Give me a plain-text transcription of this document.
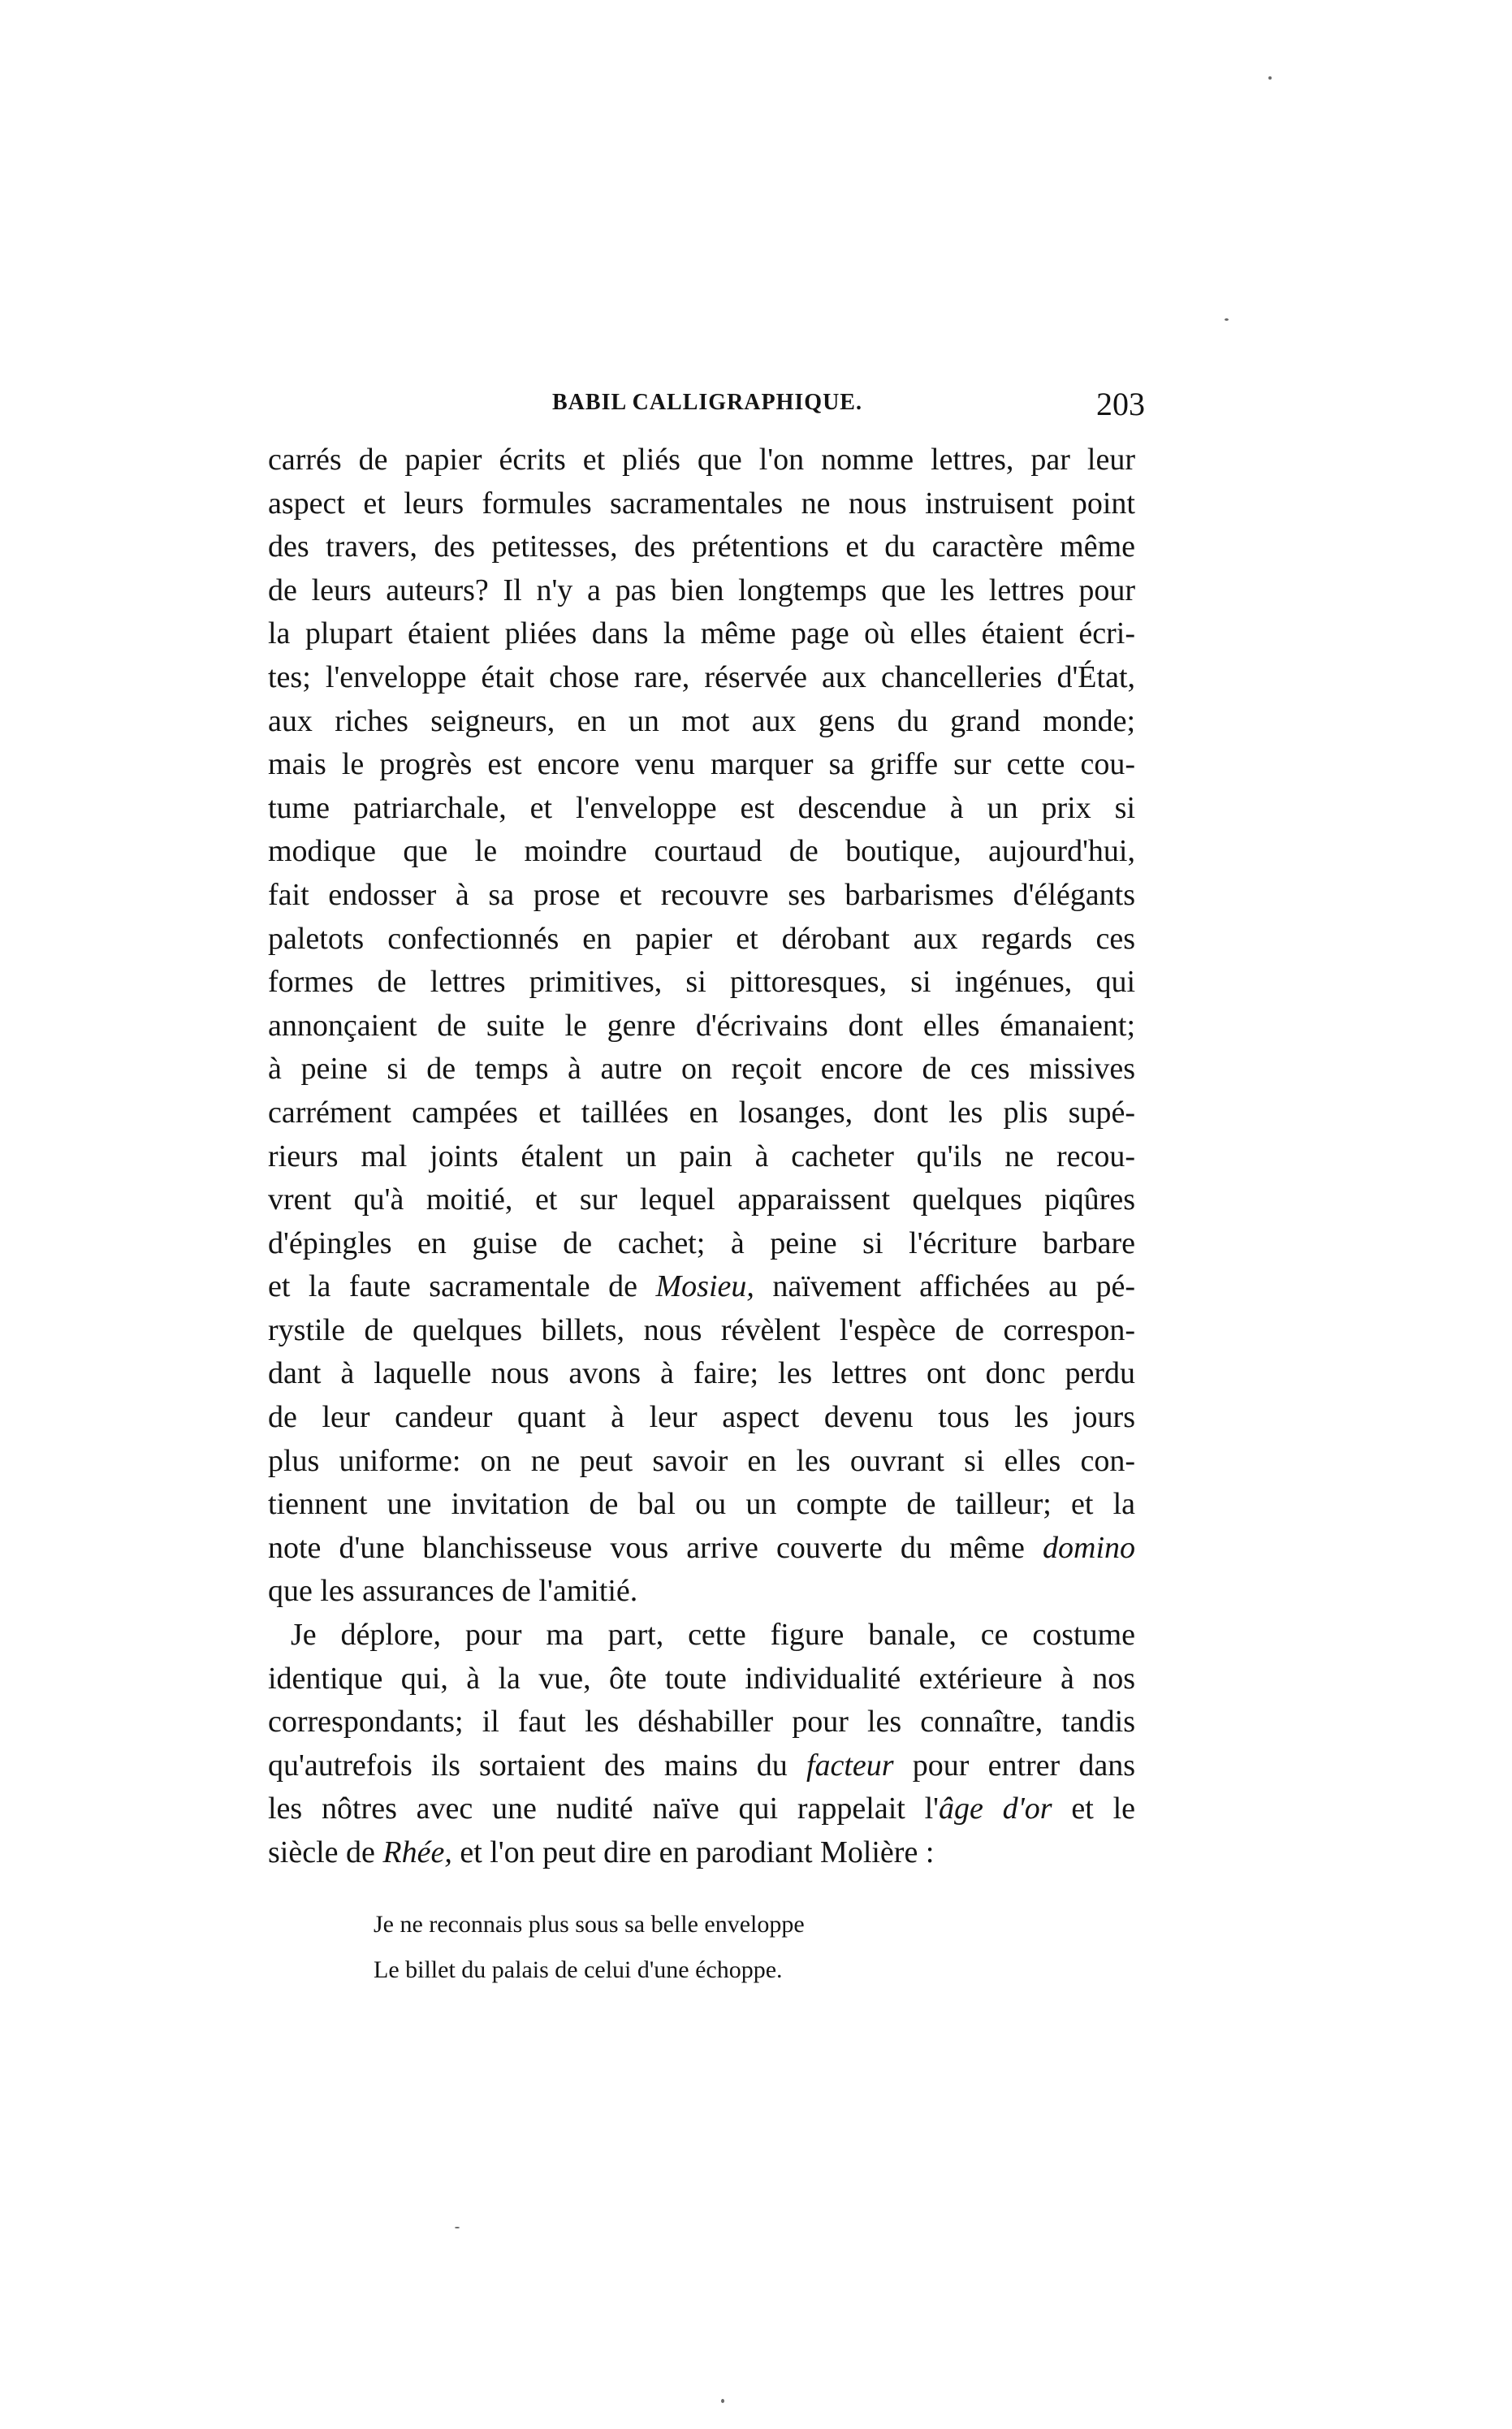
BABIL CALLIGRAPHIQUE.	203
carrés de papier écrits et pliés que l'on nomme lettres, par leur
aspect et leurs formules sacramentales ne nous instruisent point
des travers, des petitesses, des prétentions et du caractère même
de leurs auteurs? Il n'y a pas bien longtemps que les lettres pour
la plupart étaient pliées dans la même page où elles étaient écri-
tes; l'enveloppe était chose rare, réservée aux chancelleries d'État,
aux riches seigneurs, en un mot aux gens du grand monde;
mais le progrès est encore venu marquer sa griffe sur cette cou-
tume patriarchale, et l'enveloppe est descendue à un prix si
modique que le moindre courtaud de boutique, aujourd'hui,
fait endosser à sa prose et recouvre ses barbarismes d'élégants
paletots confectionnés en papier et dérobant aux regards ces
formes de lettres primitives, si pittoresques, si ingénues, qui
annonçaient de suite le genre d'écrivains dont elles émanaient;
à peine si de temps à autre on reçoit encore de ces missives
carrément campées et taillées en losanges, dont les plis supé-
rieurs mal joints étalent un pain à cacheter qu'ils ne recou-
vrent qu'à moitié, et sur lequel apparaissent quelques piqûres
d'épingles en guise de cachet; à peine si l'écriture barbare
et la faute sacramentale de Mosieu, naïvement affichées au pé-
rystile de quelques billets, nous révèlent l'espèce de correspon-
dant à laquelle nous avons à faire; les lettres ont donc perdu
de leur candeur quant à leur aspect devenu tous les jours
plus uniforme: on ne peut savoir en les ouvrant si elles con-
tiennent une invitation de bal ou un compte de tailleur; et la
note d'une blanchisseuse vous arrive couverte du même domino
que les assurances de l'amitié.
Je déplore, pour ma part, cette figure banale, ce costume
identique qui, à la vue, ôte toute individualité extérieure à nos
correspondants; il faut les déshabiller pour les connaître, tandis
qu'autrefois ils sortaient des mains du facteur pour entrer dans
les nôtres avec une nudité naïve qui rappelait l'âge d'or et le
siècle de Rhée, et l'on peut dire en parodiant Molière :
Je ne reconnais plus sous sa belle enveloppe
Le billet du palais de celui d'une échoppe.
